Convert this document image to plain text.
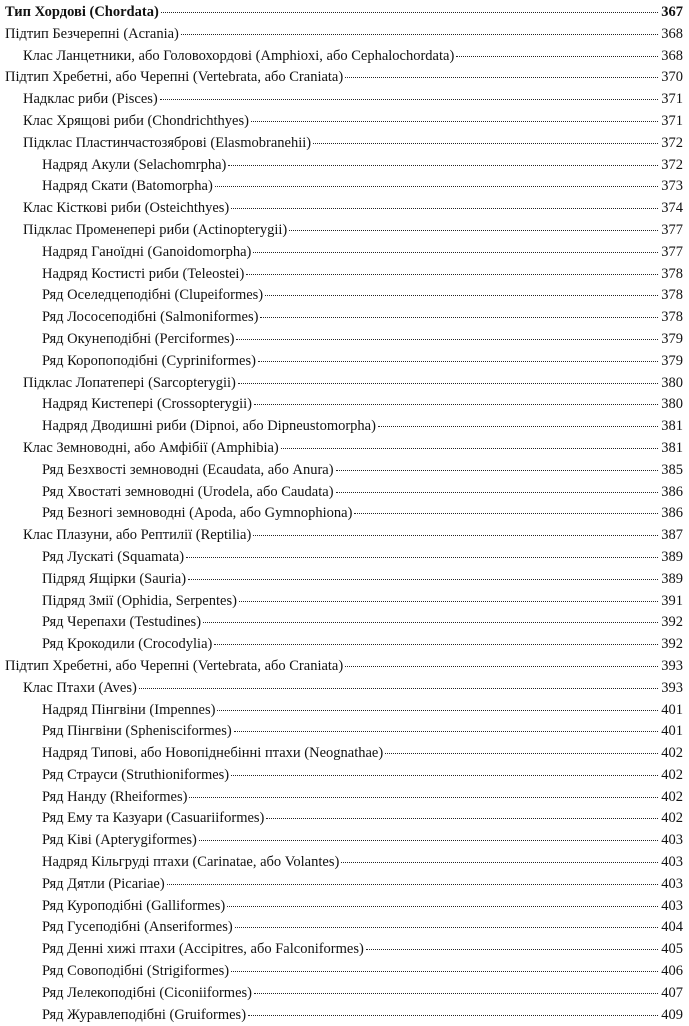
Тип Хордові (Chordata)	367
Підтип Безчерепні (Acrania)	368
Клас Ланцетники, або Головохордові (Amphioxi, або Cephalochordata)	368
Підтип Хребетні, або Черепні (Vertebrata, або Craniata)	370
Надклас риби (Pisces)	371
Клас Хрящові риби (Chondrichthyes)	371
Підклас Пластинчастозяброві (Elasmobranehii)	372
Надряд Акули (Selachomrpha)	372
Надряд Скати (Batomorpha)	373
Клас Кісткові риби (Osteichthyes)	374
Підклас Променепері риби (Actinopterygii)	377
Надряд Ганоїдні (Ganoidomorpha)	377
Надряд Костисті риби (Teleostei)	378
Ряд Оселедцеподібні (Clupeiformes)	378
Ряд Лососеподібні (Salmoniformes)	378
Ряд Окунеподібні (Perciformes)	379
Ряд Коропоподібні (Cypriniformes)	379
Підклас Лопатепері (Sarcopterygii)	380
Надряд Кистепері (Crossopterygii)	380
Надряд Дводишні риби (Dipnoi, або Dipneustomorpha)	381
Клас Земноводні, або Амфібії (Amphibia)	381
Ряд Безхвості земноводні (Ecaudata, або Anura)	385
Ряд Хвостаті земноводні (Urodela, або Caudata)	386
Ряд Безногі земноводні (Apoda, або Gymnophiona)	386
Клас Плазуни, або Рептилії (Reptilia)	387
Ряд Лускаті (Squamata)	389
Підряд Ящірки (Sauria)	389
Підряд Змії (Ophidia, Serpentes)	391
Ряд Черепахи (Testudines)	392
Ряд Крокодили (Crocodylia)	392
Підтип Хребетні, або Черепні (Vertebrata, або Craniata)	393
Клас Птахи (Aves)	393
Надряд Пінгвіни (Impennes)	401
Ряд Пінгвіни (Sphenisciformes)	401
Надряд Типові, або Новопіднебінні птахи (Neognathae)	402
Ряд Страуси (Struthioniformes)	402
Ряд Нанду (Rheiformes)	402
Ряд Ему та Казуари (Casuariiformes)	402
Ряд Ківі (Apterygiformes)	403
Надряд Кільгруді птахи (Carinatae, або Volantes)	403
Ряд Дятли (Picariae)	403
Ряд Куроподібні (Galliformes)	403
Ряд Гусеподібні (Anseriformes)	404
Ряд Денні хижі птахи (Accipitres, або Falconiformes)	405
Ряд Совоподібні (Strigiformes)	406
Ряд Лелекоподібні (Ciconiiformes)	407
Ряд Журавлеподібні (Gruiformes)	409
